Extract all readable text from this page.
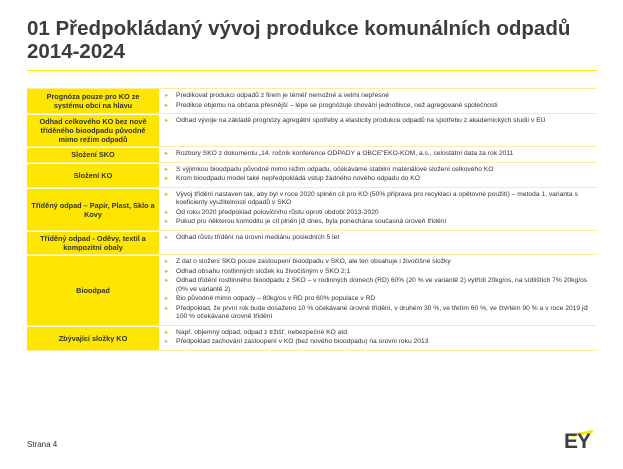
01 Předpokládaný vývoj produkce komunálních odpadů 2014-2024
Prognóza pouze pro KO ze systému obcí na hlavu
▸ Predikovat produkci odpadů z firem je téměř nemožné a velmi nepřesné
▸ Predikce objemu na občana přesnější – lépe se prognózuje chování jednotlivce, než agregované společnosti
Odhad celkového KO bez nově tříděného bioodpadu původně mimo režim odpadů
▸ Odhad vývoje na základě prognózy agregátní spotřeby a elasticity produkce odpadů na spotřebu z akademických studií v EU
Složení SKO	▸ Rozbory SKO z dokumentu „14. ročník konference ODPADY a OBCE"EKO-KOM, a.s., celostátní data za rok 2011
Složení KO
▸ S výjimkou bioodpadu původně mimo režim odpadu, očekáváme stabilní materiálové složení celkového KO
▸ Krom bioodpadu model také nepředpokládá vstup žádného nového odpadu do KO
Tříděný odpad – Papír, Plast, Sklo a Kovy
▸ Vývoj třídění nastaven tak, aby byl v roce 2020 splněn cíl pro KO (50% příprava pro recyklaci a opětovné použití) – metoda 1, varianta s koeficienty využitelnosti odpadů v SKO
▸ Od roku 2020 předpoklad polovičního růstu oproti období 2013-2020
▸ Pokud pro některou komoditu je cíl plněn již dnes, byla ponechána současná úroveň třídění
Tříděný odpad - Oděvy, textil a kompozitní obaly
▸ Odhad růstu třídění na úrovni mediánu posledních 5 let
Bioodpad
▸ Z dat o složení SKO pouze zastoupení bioodpadu v SKO, ale ten obsahuje i živočišné složky
▸ Odhad obsahu rostlinných složek ku živočišným v SKO 2:1
▸ Odhad třídění rostlinného bioodpadu z SKO – v rodinných domech (RD) 60% (20 % ve variantě 2) vytřídí 20kg/os, na sídlištích 7% 20kg/os (0% ve variantě 2)
▸ Bio původně mimo odpady – 80kg/os v RD pro 60% populace v RD
▸ Předpoklad, že první rok bude dosaženo 10 % očekávané úrovně třídění, v druhém 30 %, ve třetím 60 %, ve čtvrtém 90 % a v roce 2019 již 100 % očekávané úrovně třídění
Zbývající složky KO
▸ Např. objemný odpad, odpad z tržišť, nebezpečné KO atd.
▸ Předpoklad zachování zastoupení v KO (bez nového bioodpadu) na úrovni roku 2013
Strana 4	EY
